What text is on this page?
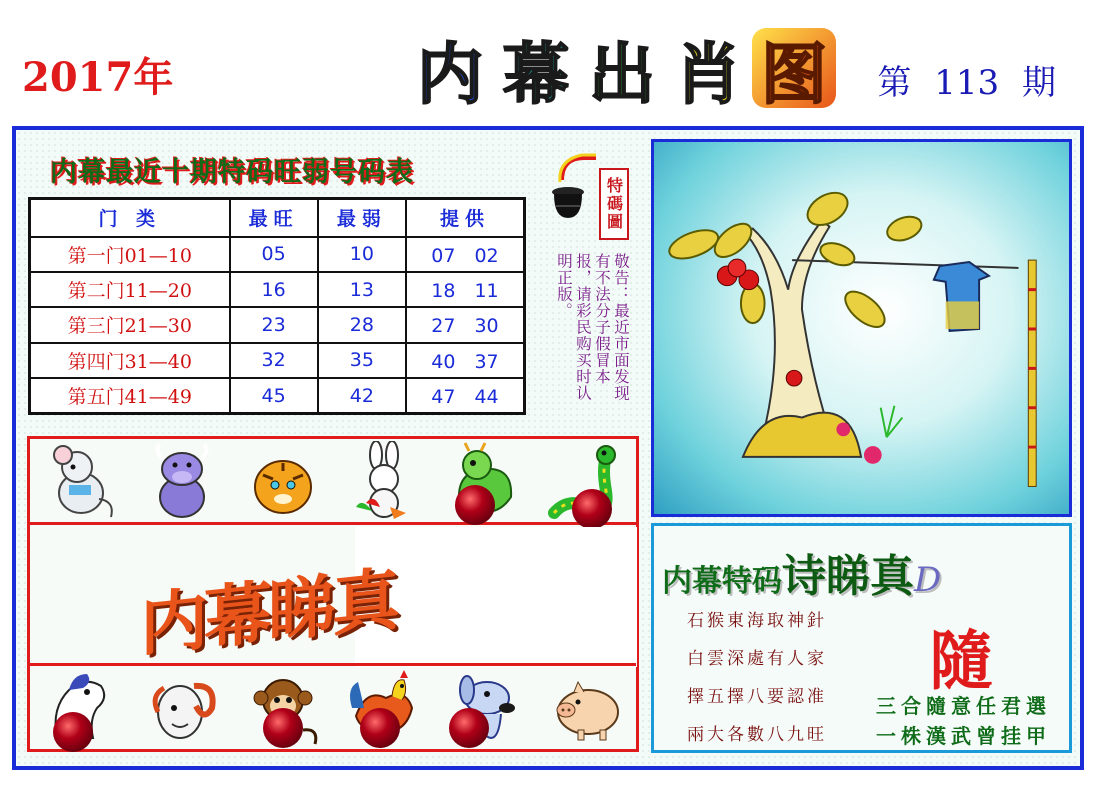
2017年	内 幕 出 肖 图 第 113 期
内幕最近十期特码旺弱号码表
门 类	最旺	最弱	提供
第一门01—10	05	10	07　02
第二门11—20	16	13	18　11
第三门21—30	23	28	27　30
第四门31—40	32	35	40　37
第五门41—49	45	42	47　44
特碼圖
敬告：最近市面发现有不法分子假冒本报，请彩民购买时认明正版。
内幕睇真	内幕特码诗睇真D
石猴東海取神針
白雲深處有人家
擇五擇八要認准
兩大各數八九旺
隨
三合隨意任君選
一株漢武曾挂甲
